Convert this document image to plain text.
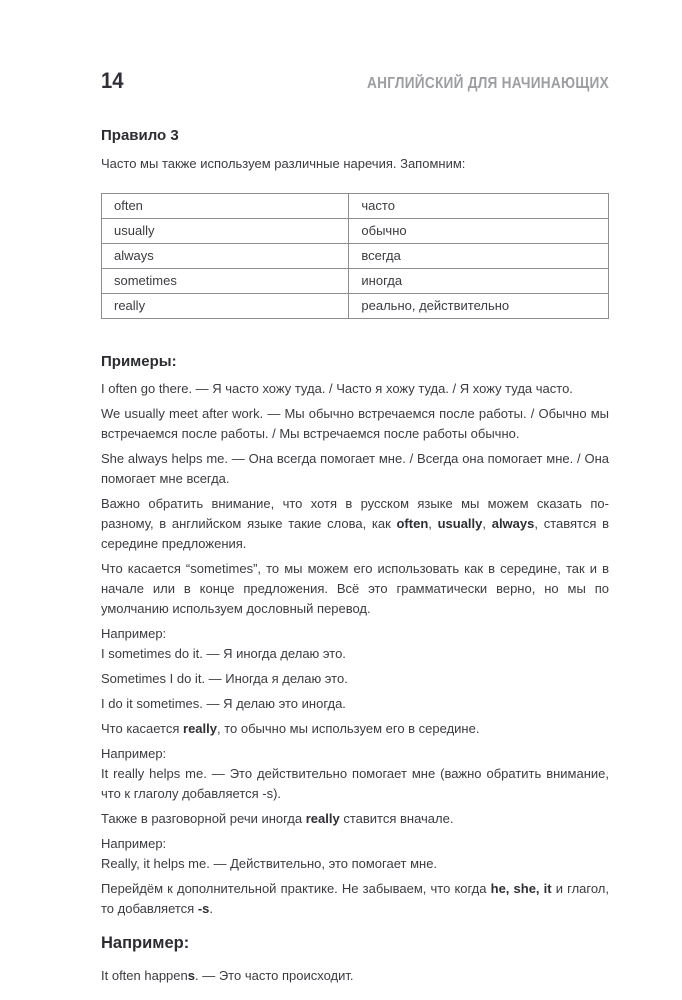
14	АНГЛИЙСКИЙ ДЛЯ НАЧИНАЮЩИХ
Правило 3

Часто мы также используем различные наречия. Запомним:

often	часто
usually	обычно
always	всегда
sometimes	иногда
really	реально, действительно
Примеры:
I often go there. — Я часто хожу туда. / Часто я хожу туда. / Я хожу туда часто.
We usually meet after work. — Мы обычно встречаемся после работы. / Обычно мы встречаемся после работы. / Мы встречаемся после работы обычно.
She always helps me. — Она всегда помогает мне. / Всегда она помогает мне. / Она помогает мне всегда.
Важно обратить внимание, что хотя в русском языке мы можем сказать по-разному, в английском языке такие слова, как often, usually, always, ставятся в середине предложения.
Что касается “sometimes”, то мы можем его использовать как в середине, так и в начале или в конце предложения. Всё это грамматически верно, но мы по умолчанию используем дословный перевод.
Например:
I sometimes do it. — Я иногда делаю это.
Sometimes I do it. — Иногда я делаю это.
I do it sometimes. — Я делаю это иногда.
Что касается really, то обычно мы используем его в середине.
Например:
It really helps me. — Это действительно помогает мне (важно обратить внимание, что к глаголу добавляется -s).
Также в разговорной речи иногда really ставится вначале.
Например:
Really, it helps me. — Действительно, это помогает мне.
Перейдём к дополнительной практике. Не забываем, что когда he, she, it и глагол, то добавляется -s.
Например:
It often happens. — Это часто происходит.
